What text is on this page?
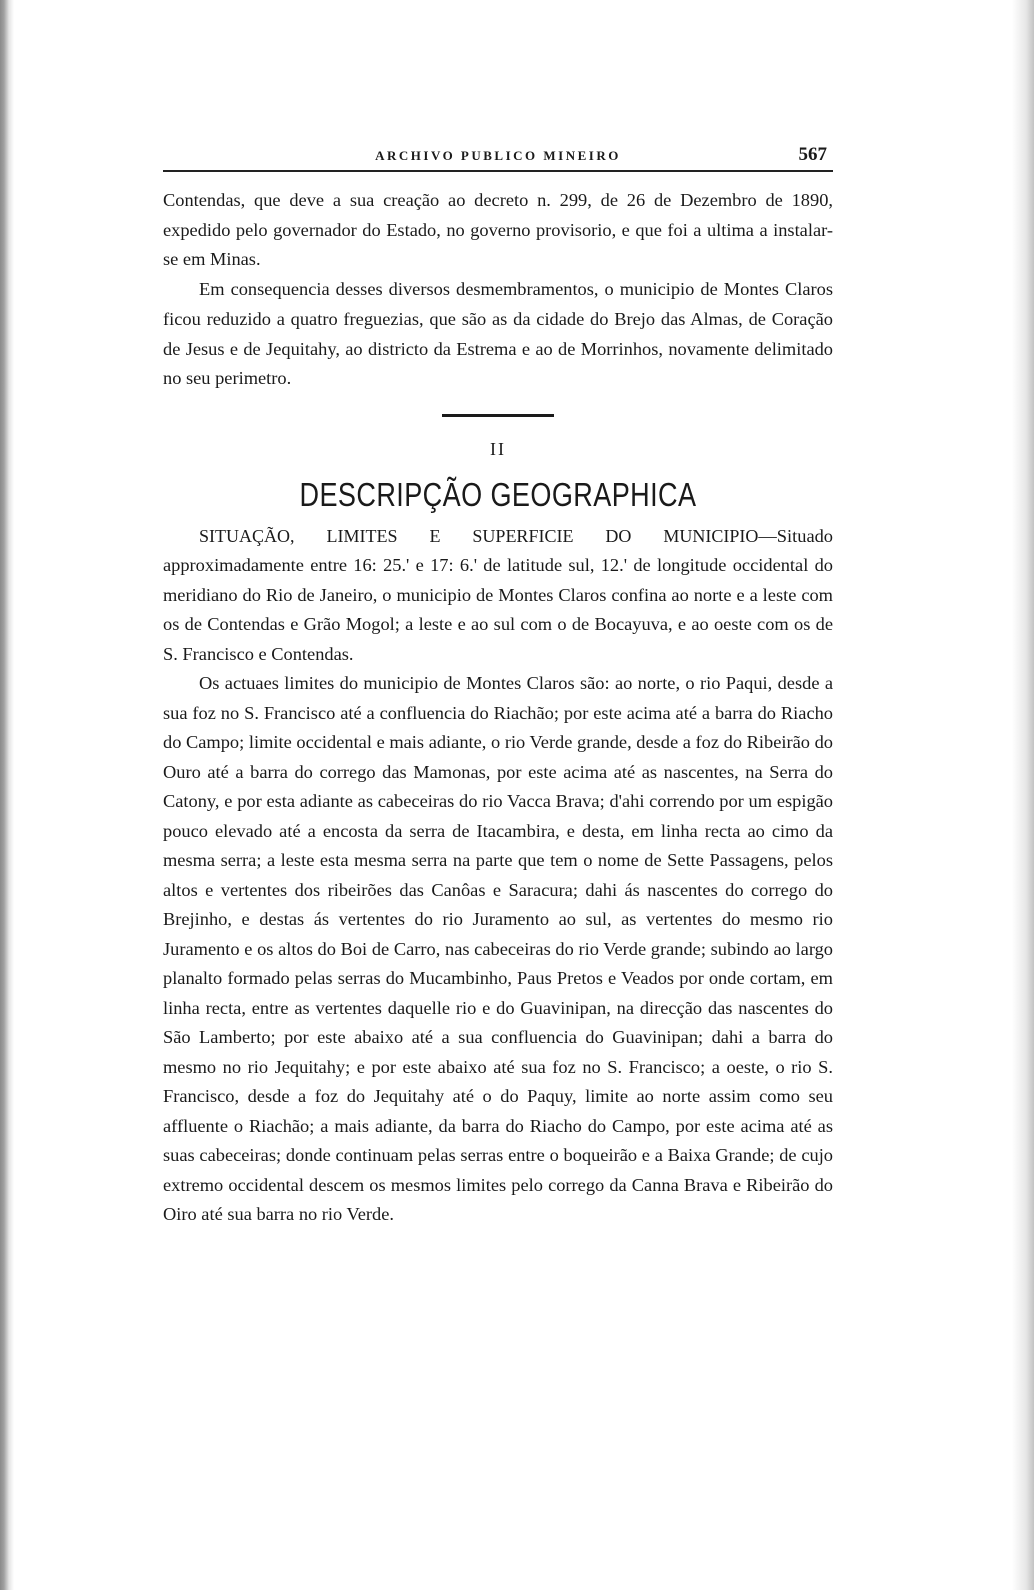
ARCHIVO PUBLICO MINEIRO	567

Contendas, que deve a sua creação ao decreto n. 299, de 26 de Dezembro de 1890, expedido pelo governador do Estado, no governo provisorio, e que foi a ultima a instalar-se em Minas.

Em consequencia desses diversos desmembramentos, o municipio de Montes Claros ficou reduzido a quatro freguezias, que são as da cidade do Brejo das Almas, de Coração de Jesus e de Jequitahy, ao districto da Estrema e ao de Morrinhos, novamente delimitado no seu perimetro.

II
DESCRIPÇÃO GEOGRAPHICA

SITUAÇÃO, LIMITES E SUPERFICIE DO MUNICIPIO—Situado approximadamente entre 16: 25.' e 17: 6.' de latitude sul, 12.' de longitude occidental do meridiano do Rio de Janeiro, o municipio de Montes Claros confina ao norte e a leste com os de Contendas e Grão Mogol; a leste e ao sul com o de Bocayuva, e ao oeste com os de S. Francisco e Contendas.

Os actuaes limites do municipio de Montes Claros são: ao norte, o rio Paqui, desde a sua foz no S. Francisco até a confluencia do Riachão; por este acima até a barra do Riacho do Campo; limite occidental e mais adiante, o rio Verde grande, desde a foz do Ribeirão do Ouro até a barra do corrego das Mamonas, por este acima até as nascentes, na Serra do Catony, e por esta adiante as cabeceiras do rio Vacca Brava; d'ahi correndo por um espigão pouco elevado até a encosta da serra de Itacambira, e desta, em linha recta ao cimo da mesma serra; a leste esta mesma serra na parte que tem o nome de Sette Passagens, pelos altos e vertentes dos ribeirões das Canôas e Saracura; dahi ás nascentes do corrego do Brejinho, e destas ás vertentes do rio Juramento ao sul, as vertentes do mesmo rio Juramento e os altos do Boi de Carro, nas cabeceiras do rio Verde grande; subindo ao largo planalto formado pelas serras do Mucambinho, Paus Pretos e Veados por onde cortam, em linha recta, entre as vertentes daquelle rio e do Guavinipan, na direcção das nascentes do São Lamberto; por este abaixo até a sua confluencia do Guavinipan; dahi a barra do mesmo no rio Jequitahy; e por este abaixo até sua foz no S. Francisco; a oeste, o rio S. Francisco, desde a foz do Jequitahy até o do Paquy, limite ao norte assim como seu affluente o Riachão; a mais adiante, da barra do Riacho do Campo, por este acima até as suas cabeceiras; donde continuam pelas serras entre o boqueirão e a Baixa Grande; de cujo extremo occidental descem os mesmos limites pelo corrego da Canna Brava e Ribeirão do Oiro até sua barra no rio Verde.
